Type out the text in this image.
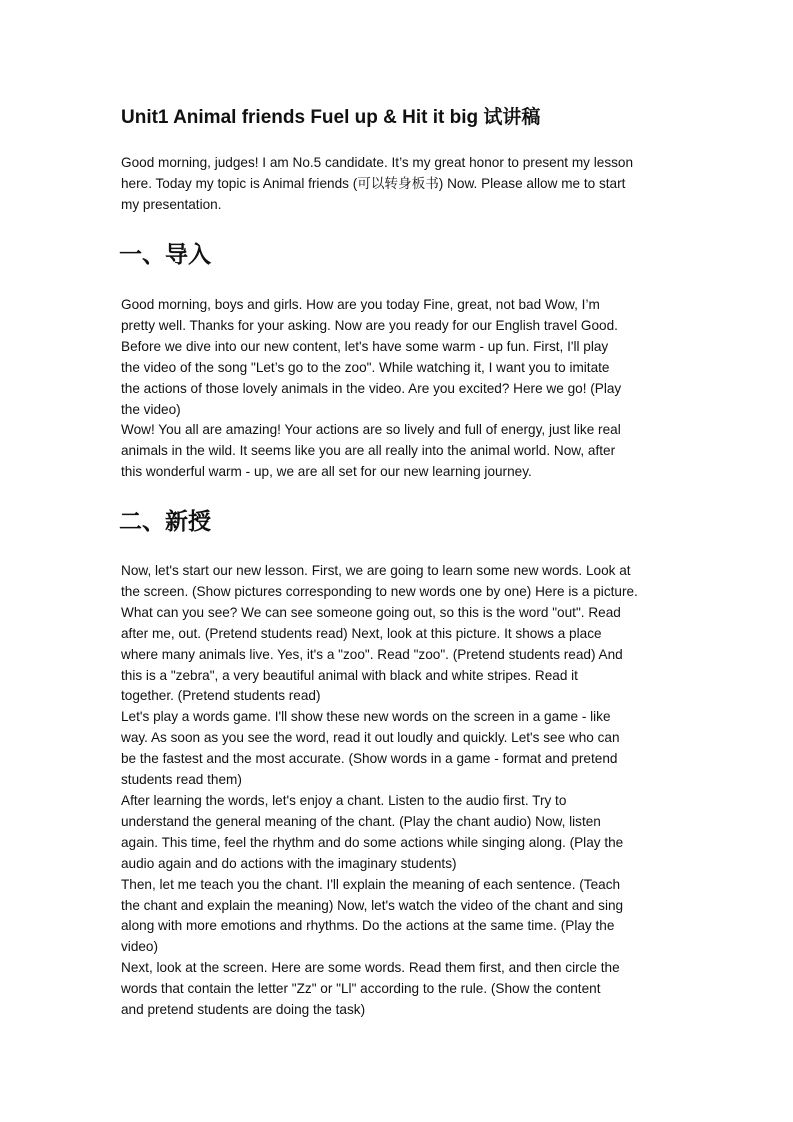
Unit1 Animal friends Fuel up & Hit it big 试讲稿

Good morning, judges! I am No.5 candidate. It’s my great honor to present my lesson
here. Today my topic is Animal friends (可以转身板书) Now. Please allow me to start
my presentation.

一、导入

Good morning, boys and girls. How are you today Fine, great, not bad Wow, I’m
pretty well. Thanks for your asking. Now are you ready for our English travel Good.
Before we dive into our new content, let's have some warm - up fun. First, I'll play
the video of the song "Let’s go to the zoo". While watching it, I want you to imitate
the actions of those lovely animals in the video. Are you excited? Here we go! (Play
the video)
Wow! You all are amazing! Your actions are so lively and full of energy, just like real
animals in the wild. It seems like you are all really into the animal world. Now, after
this wonderful warm - up, we are all set for our new learning journey.

二、新授

Now, let's start our new lesson. First, we are going to learn some new words. Look at
the screen. (Show pictures corresponding to new words one by one) Here is a picture.
What can you see? We can see someone going out, so this is the word "out". Read
after me, out. (Pretend students read) Next, look at this picture. It shows a place
where many animals live. Yes, it's a "zoo". Read "zoo". (Pretend students read) And
this is a "zebra", a very beautiful animal with black and white stripes. Read it
together. (Pretend students read)
Let's play a words game. I'll show these new words on the screen in a game - like
way. As soon as you see the word, read it out loudly and quickly. Let's see who can
be the fastest and the most accurate. (Show words in a game - format and pretend
students read them)
After learning the words, let's enjoy a chant. Listen to the audio first. Try to
understand the general meaning of the chant. (Play the chant audio) Now, listen
again. This time, feel the rhythm and do some actions while singing along. (Play the
audio again and do actions with the imaginary students)
Then, let me teach you the chant. I'll explain the meaning of each sentence. (Teach
the chant and explain the meaning) Now, let's watch the video of the chant and sing
along with more emotions and rhythms. Do the actions at the same time. (Play the
video)
Next, look at the screen. Here are some words. Read them first, and then circle the
words that contain the letter "Zz" or "Ll" according to the rule. (Show the content
and pretend students are doing the task)
